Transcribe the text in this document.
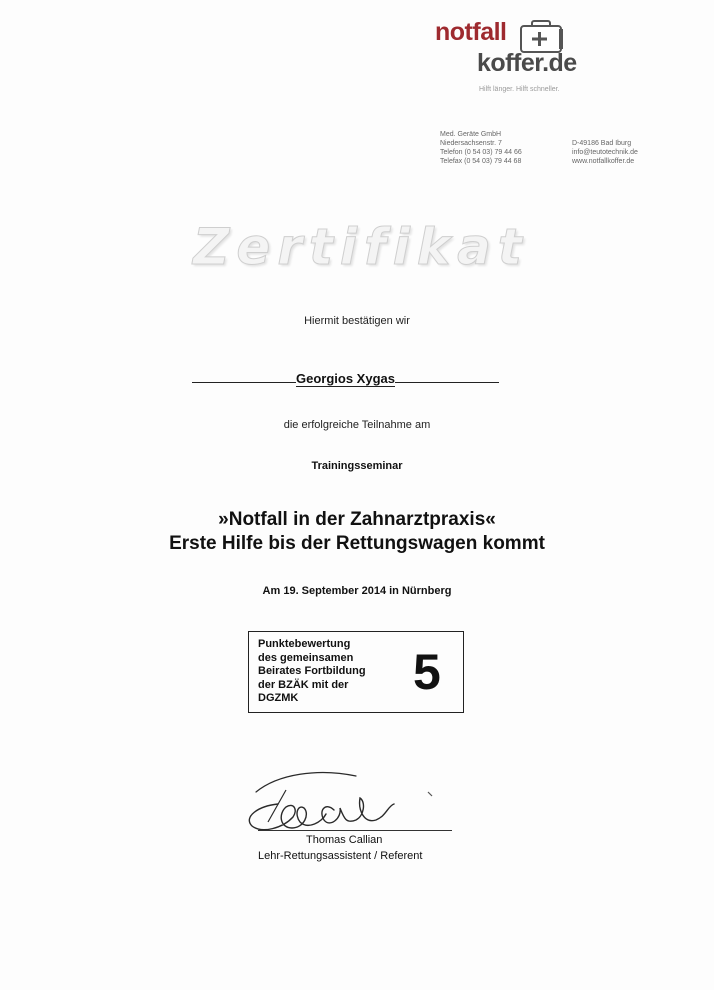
notfall
koffer.de
Hilft länger. Hilft schneller.
Med. Geräte GmbH
Niedersachsenstr. 7
Telefon (0 54 03) 79 44 66
Telefax (0 54 03) 79 44 68
D-49186 Bad Iburg
info@teutotechnik.de
www.notfallkoffer.de
Zertifikat
Hiermit bestätigen wir
Georgios Xygas
die erfolgreiche Teilnahme am
Trainingsseminar
»Notfall in der Zahnarztpraxis«
Erste Hilfe bis der Rettungswagen kommt
Am 19. September 2014 in Nürnberg
Punktebewertung
des gemeinsamen
Beirates Fortbildung
der BZÄK mit der
DGZMK	5
Thomas Callian
Lehr-Rettungsassistent / Referent
